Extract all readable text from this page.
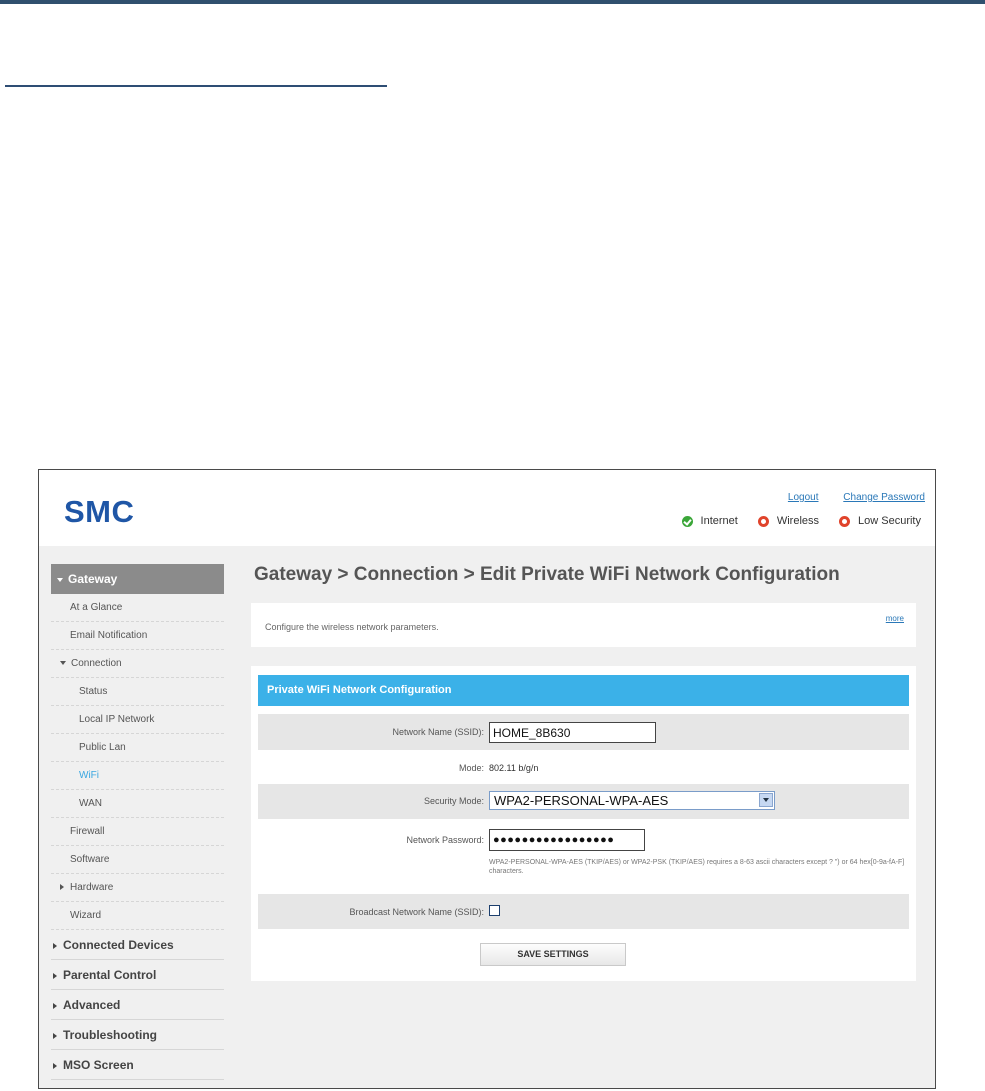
SMC	Logout Change Password
Internet	Wireless	Low Security
Gateway
At a Glance
Email Notification
Connection
Status
Local IP Network
Public Lan
WiFi
WAN
Firewall
Software
Hardware
Wizard
Connected Devices
Parental Control
Advanced
Troubleshooting
MSO Screen
Gateway > Connection > Edit Private WiFi Network Configuration
Configure the wireless network parameters.
more
Private WiFi Network Configuration
Network Name (SSID):
HOME_8B630
Mode: 802.11 b/g/n
Security Mode: WPA2-PERSONAL-WPA-AES
Network Password: ●●●●●●●●●●●●●●●●●
WPA2-PERSONAL-WPA-AES (TKIP/AES) or WPA2-PSK (TKIP/AES) requires a 8-63 ascii characters except ? ") or 64 hex[0-9a-fA-F] characters.
Broadcast Network Name (SSID):
SAVE SETTINGS
